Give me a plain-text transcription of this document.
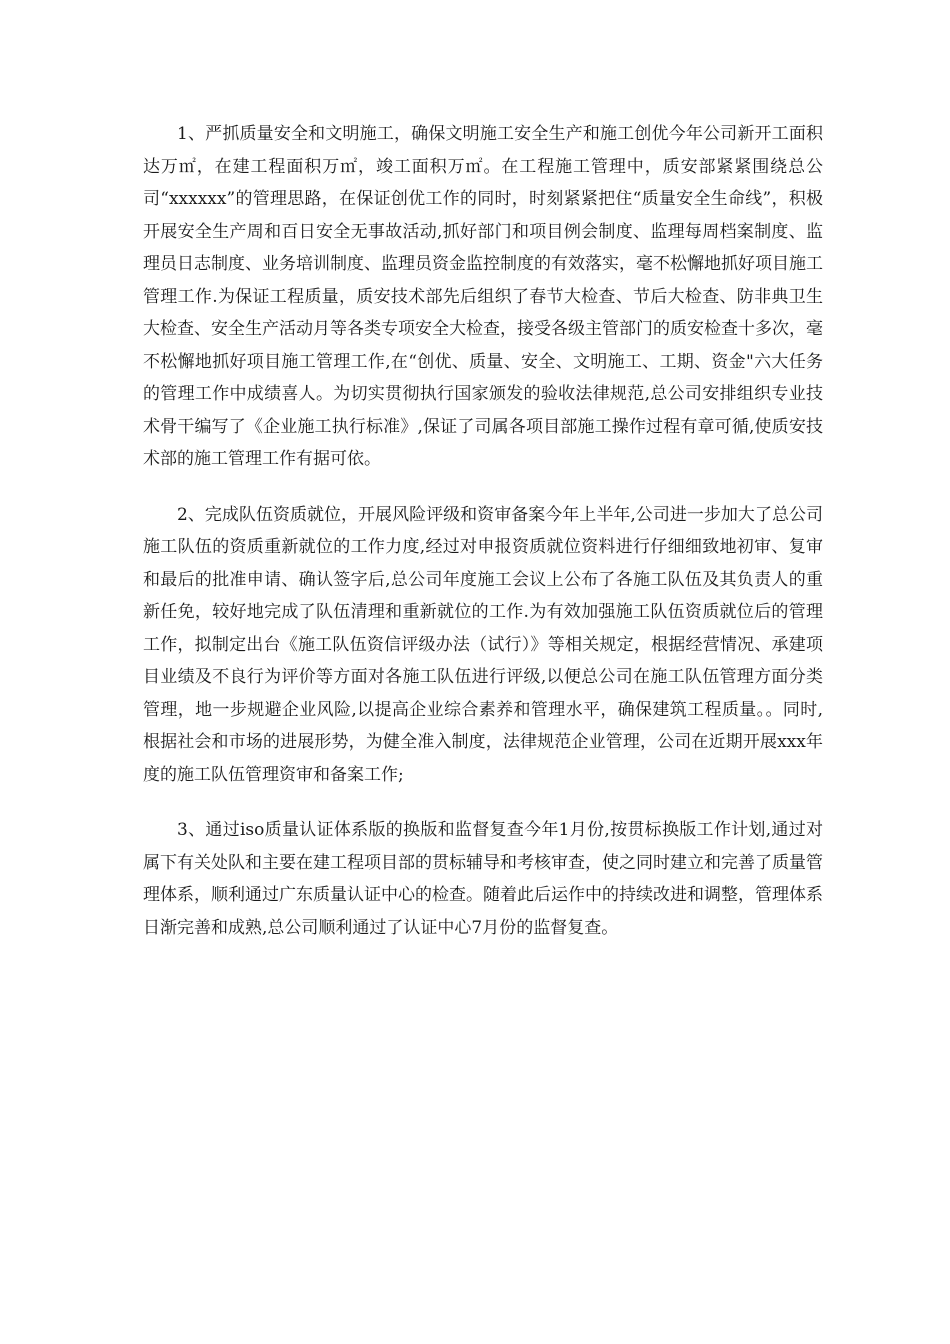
1、严抓质量安全和文明施工，确保文明施工安全生产和施工创优今年公司新开工面积达万㎡，在建工程面积万㎡，竣工面积万㎡。在工程施工管理中，质安部紧紧围绕总公司“xxxxxx”的管理思路，在保证创优工作的同时，时刻紧紧把住“质量安全生命线”，积极开展安全生产周和百日安全无事故活动,抓好部门和项目例会制度、监理每周档案制度、监理员日志制度、业务培训制度、监理员资金监控制度的有效落实，毫不松懈地抓好项目施工管理工作.为保证工程质量，质安技术部先后组织了春节大检查、节后大检查、防非典卫生大检查、安全生产活动月等各类专项安全大检查，接受各级主管部门的质安检查十多次，毫不松懈地抓好项目施工管理工作,在“创优、质量、安全、文明施工、工期、资金"六大任务的管理工作中成绩喜人。为切实贯彻执行国家颁发的验收法律规范,总公司安排组织专业技术骨干编写了《企业施工执行标准》,保证了司属各项目部施工操作过程有章可循,使质安技术部的施工管理工作有据可依。

2、完成队伍资质就位，开展风险评级和资审备案今年上半年,公司进一步加大了总公司施工队伍的资质重新就位的工作力度,经过对申报资质就位资料进行仔细细致地初审、复审和最后的批准申请、确认签字后,总公司年度施工会议上公布了各施工队伍及其负责人的重新任免，较好地完成了队伍清理和重新就位的工作.为有效加强施工队伍资质就位后的管理工作，拟制定出台《施工队伍资信评级办法（试行）》等相关规定，根据经营情况、承建项目业绩及不良行为评价等方面对各施工队伍进行评级,以便总公司在施工队伍管理方面分类管理，地一步规避企业风险,以提高企业综合素养和管理水平，确保建筑工程质量。。同时,根据社会和市场的进展形势，为健全准入制度，法律规范企业管理，公司在近期开展xxx年度的施工队伍管理资审和备案工作;

3、通过iso质量认证体系版的换版和监督复查今年1月份,按贯标换版工作计划,通过对属下有关处队和主要在建工程项目部的贯标辅导和考核审查，使之同时建立和完善了质量管理体系，顺利通过广东质量认证中心的检查。随着此后运作中的持续改进和调整，管理体系日渐完善和成熟,总公司顺利通过了认证中心7月份的监督复查。
